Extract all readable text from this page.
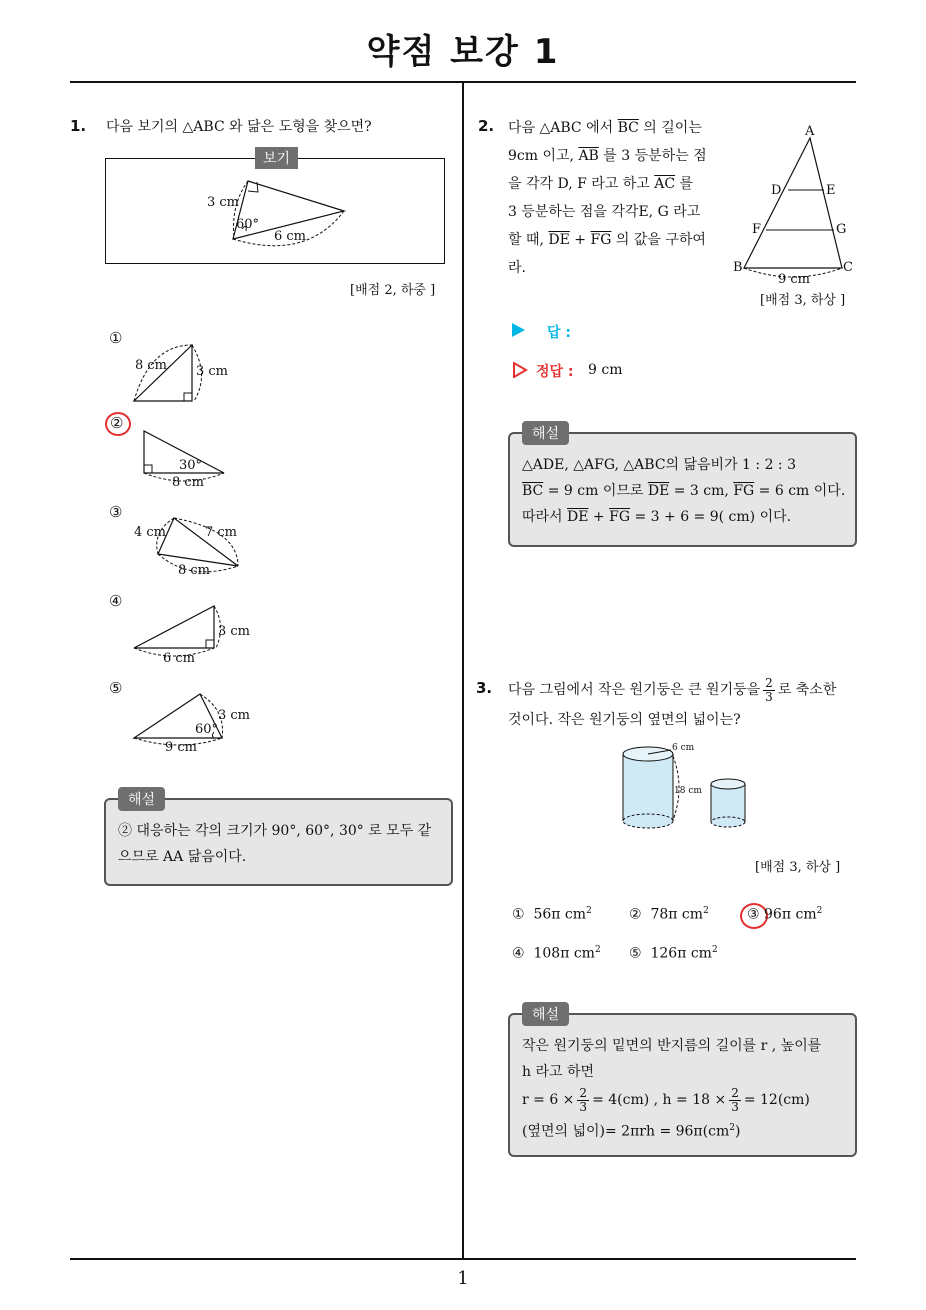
약점 보강 1
1
1. 다음 보기의 △ABC 와 닮은 도형을 찾으면?
3 cm
60°
6 cm
보기
[배점 2, 하중 ]
①
8 cm 3 cm
②
30°
8 cm
③
4 cm	7 cm
8 cm
④
3 cm
6 cm
⑤
3 cm
60°
9 cm
② 대응하는 각의 크기가 90°, 60°, 30° 로 모두 같
으므로 AA 닮음이다.
해설
2. 다음 △ABC 에서 $\overline{BC}$ 의 길이는
9cm 이고, $\overline{AB}$ 를 3 등분하는 점
을 각각 D, F 라고 하고 $\overline{AC}$ 를
3 등분하는 점을 각각E, G 라고
할 때, $\overline{DE} + \overline{FG}$ 의 값을 구하여
라.
A
D	E
F	G
B	C
9 cm
[배점 3, 하상 ]
답 :
정답 : 9 cm
△ADE, △AFG, △ABC의 닮음비가 1 : 2 : 3
$\overline{BC} = 9$ cm 이므로 $\overline{DE} = 3$ cm, $\overline{FG} = 6$ cm 이다.
따라서 $\overline{DE} + \overline{FG} = 3 + 6 = 9$( cm) 이다.
해설
3. 다음 그림에서 작은 원기둥은 큰 원기둥을 $\frac{2}{3}$ 로 축소한
것이다. 작은 원기둥의 옆면의 넓이는?
6 cm
18 cm
[배점 3, 하상 ]
① 56π $cm^2$	② 78π $cm^2$	③ 96π $cm^2$
④ 108π $cm^2$ ⑤ 126π $cm^2$
작은 원기둥의 밑면의 반지름의 길이를 r , 높이를
h 라고 하면
$r = 6 \times \frac{2}{3} = 4(cm)$ , $h = 18 \times \frac{2}{3} = 12(cm)$
(옆면의 넓이)= $2\pi rh = 96\pi(cm^2)$
해설
